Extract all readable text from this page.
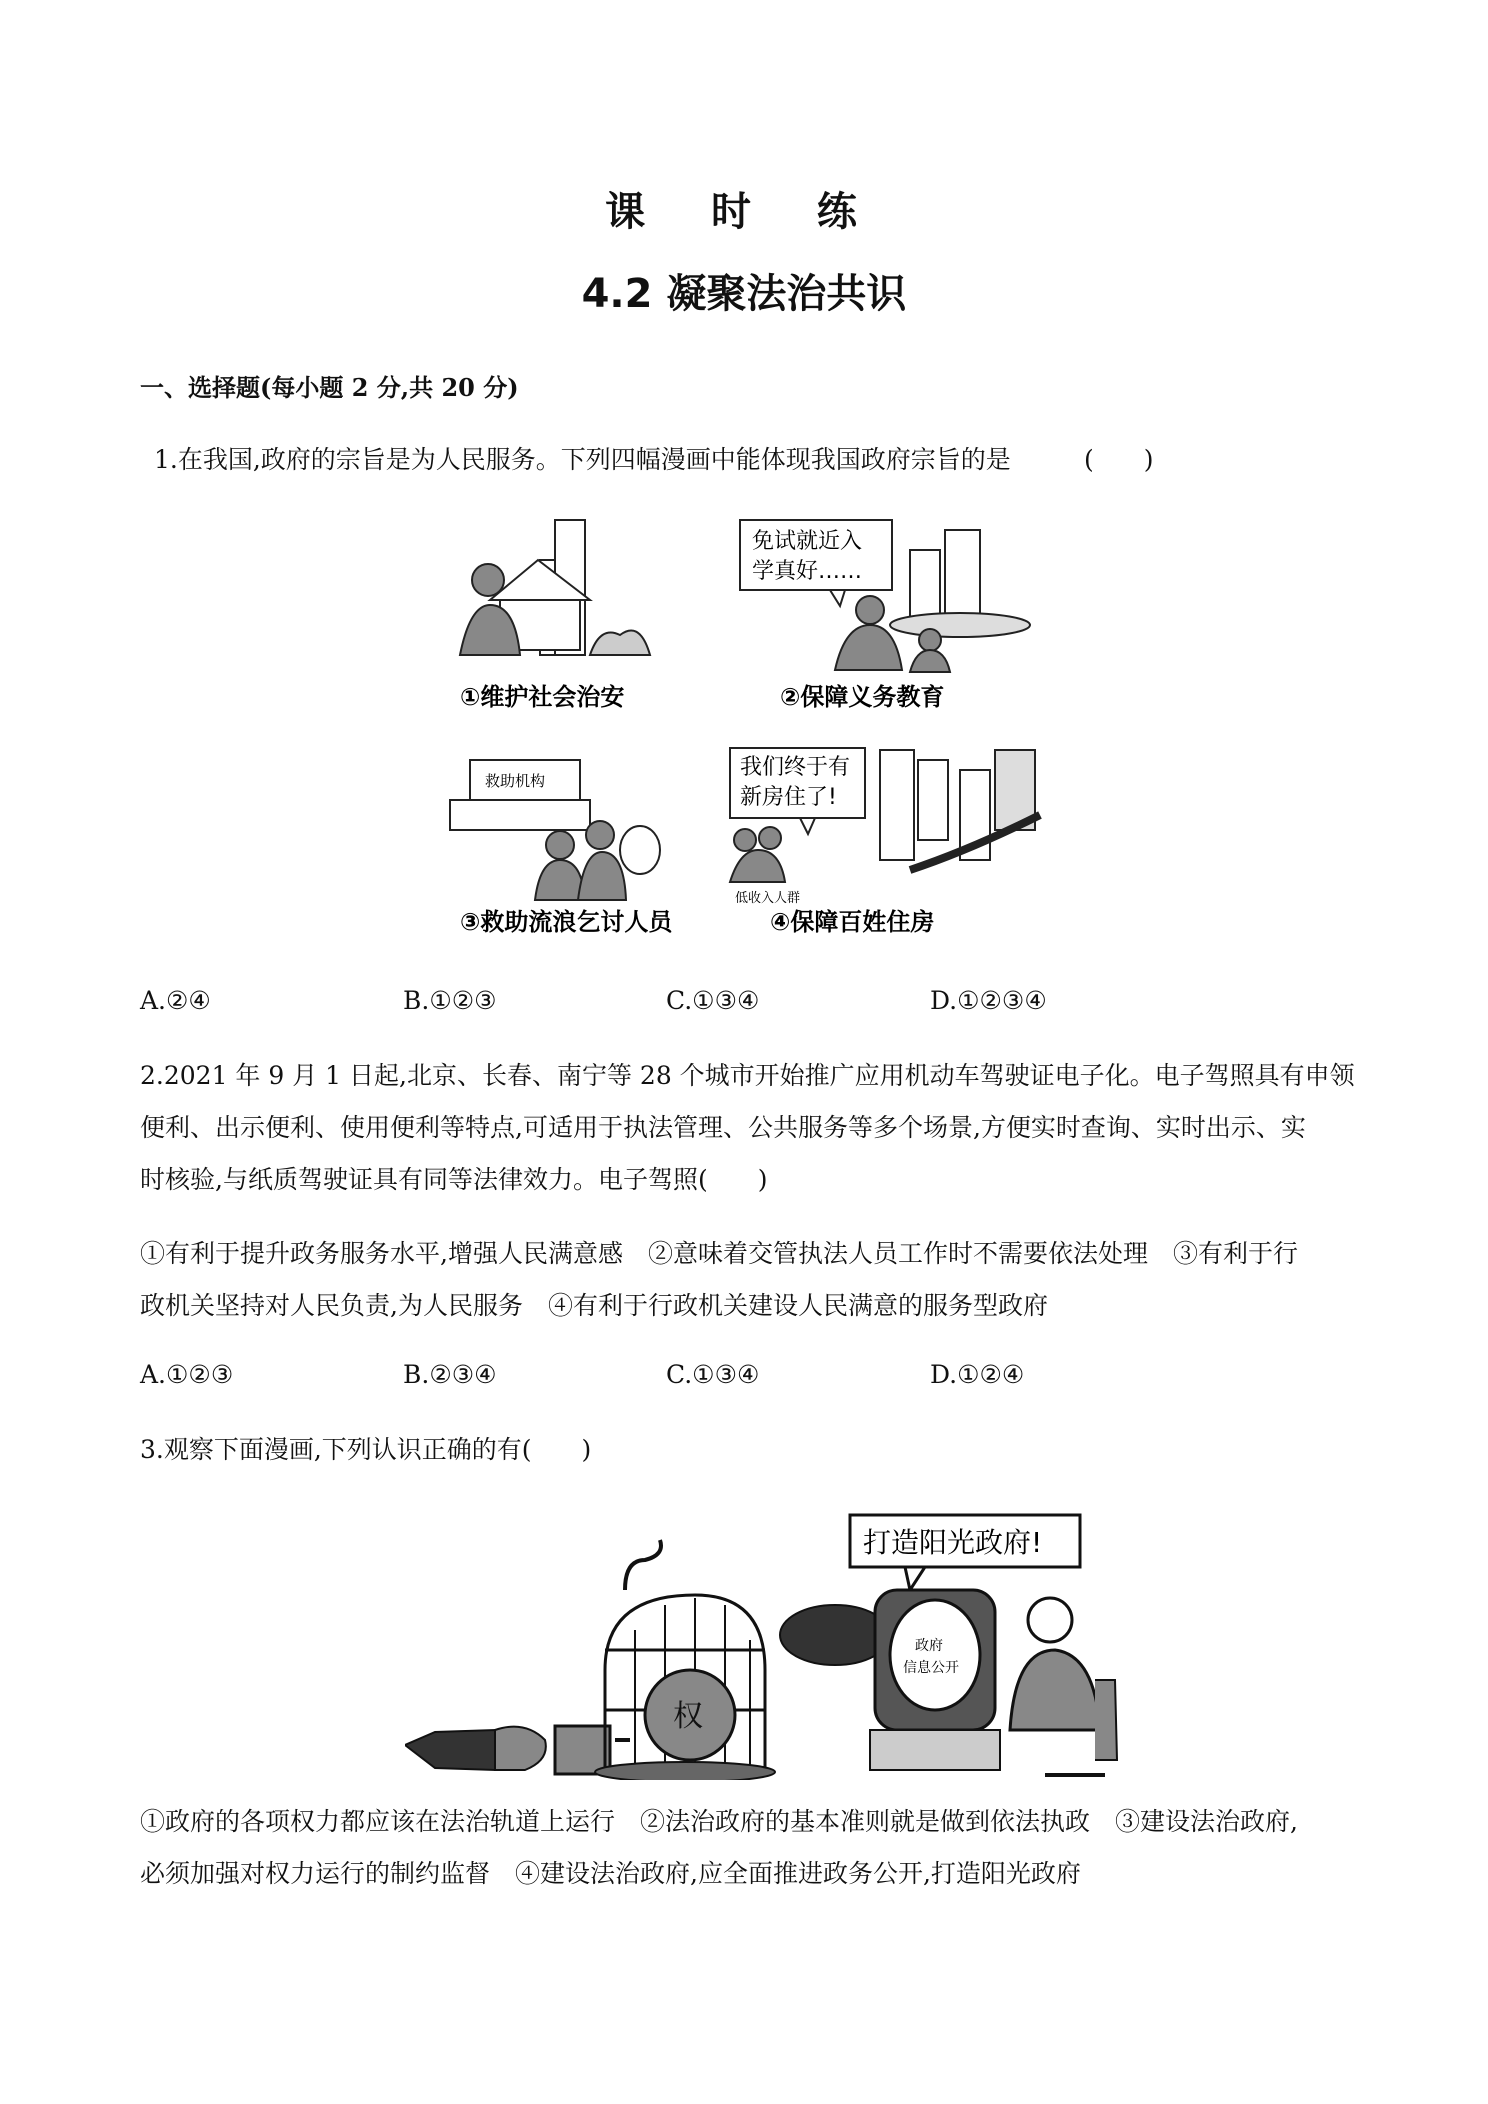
课 时 练
4.2 凝聚法治共识
一、选择题(每小题 2 分,共 20 分)
1.在我国,政府的宗旨是为人民服务。下列四幅漫画中能体现我国政府宗旨的是	(　　)
①维护社会治安
免试就近入
学真好……
②保障义务教育
救助机构
③救助流浪乞讨人员
我们终于有
新房住了!
低收入人群
④保障百姓住房
A.②④	B.①②③	C.①③④	D.①②③④
2.2021 年 9 月 1 日起,北京、长春、南宁等 28 个城市开始推广应用机动车驾驶证电子化。电子驾照具有申领
便利、出示便利、使用便利等特点,可适用于执法管理、公共服务等多个场景,方便实时查询、实时出示、实
时核验,与纸质驾驶证具有同等法律效力。电子驾照(　　)
①有利于提升政务服务水平,增强人民满意感　②意味着交管执法人员工作时不需要依法处理　③有利于行
政机关坚持对人民负责,为人民服务　④有利于行政机关建设人民满意的服务型政府
A.①②③	B.②③④	C.①③④	D.①②④
3.观察下面漫画,下列认识正确的有(　　)
权
打造阳光政府!
政府
信息公开
①政府的各项权力都应该在法治轨道上运行　②法治政府的基本准则就是做到依法执政　③建设法治政府,
必须加强对权力运行的制约监督　④建设法治政府,应全面推进政务公开,打造阳光政府
